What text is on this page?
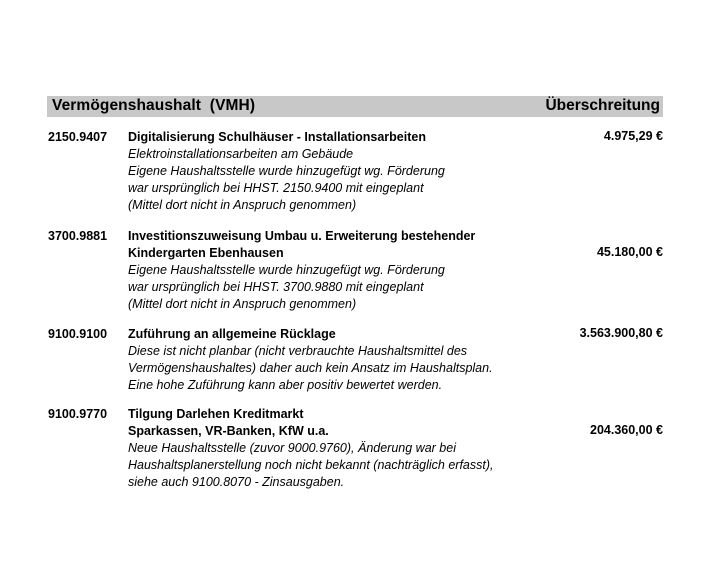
Vermögenshaushalt  (VMH)	Überschreitung
2150.9407 Digitalisierung Schulhäuser - Installationsarbeiten
Elektroinstallationsarbeiten am Gebäude
Eigene Haushaltsstelle wurde hinzugefügt wg. Förderung
war ursprünglich bei HHST. 2150.9400 mit eingeplant
(Mittel dort nicht in Anspruch genommen)
4.975,29 €
3700.9881 Investitionszuweisung Umbau u. Erweiterung bestehender
Kindergarten Ebenhausen
Eigene Haushaltsstelle wurde hinzugefügt wg. Förderung
war ursprünglich bei HHST. 3700.9880 mit eingeplant
(Mittel dort nicht in Anspruch genommen)
45.180,00 €
9100.9100 Zuführung an allgemeine Rücklage
Diese ist nicht planbar (nicht verbrauchte Haushaltsmittel des
Vermögenshaushaltes) daher auch kein Ansatz im Haushaltsplan.
Eine hohe Zuführung kann aber positiv bewertet werden.
3.563.900,80 €
9100.9770 Tilgung Darlehen Kreditmarkt
Sparkassen, VR-Banken, KfW u.a.
Neue Haushaltsstelle (zuvor 9000.9760), Änderung war bei
Haushaltsplanerstellung noch nicht bekannt (nachträglich erfasst),
siehe auch 9100.8070 - Zinsausgaben.
204.360,00 €
